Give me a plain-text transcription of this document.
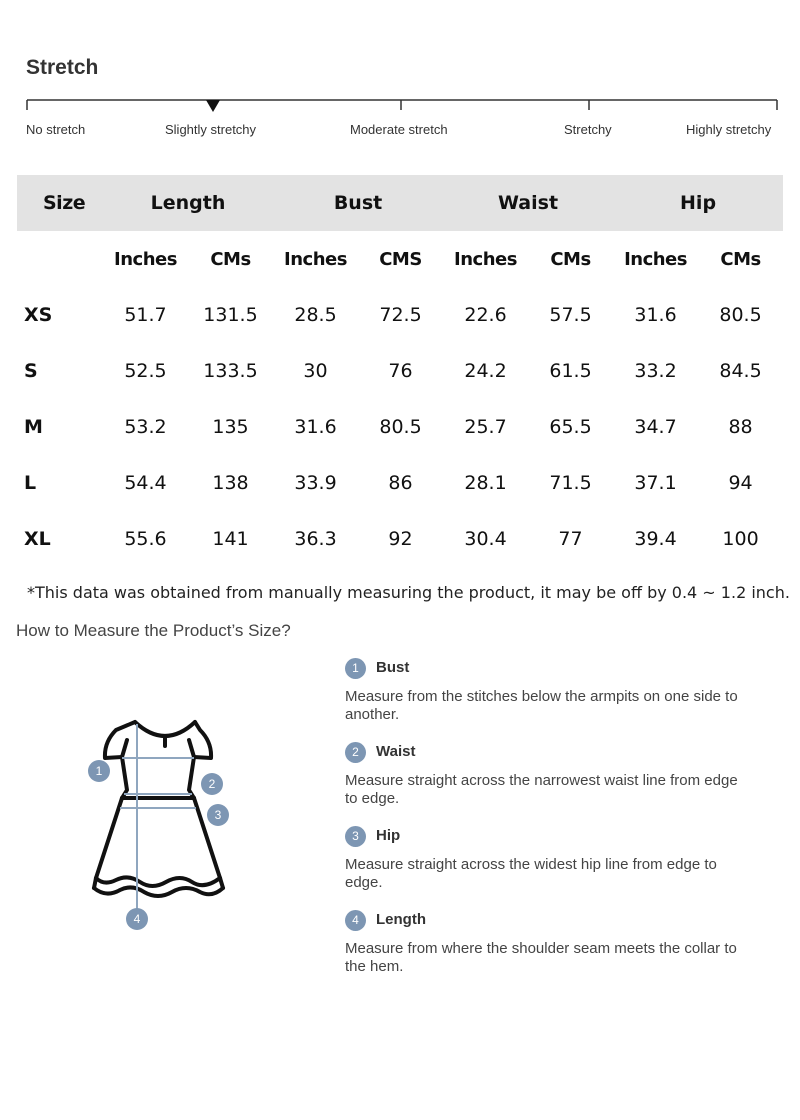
Stretch
No stretch	Slightly stretchy	Moderate stretch	Stretchy	Highly stretchy
Size	Length		Bust		Waist		Hip	
	Inches	CMs	Inches	CMS	Inches	CMs	Inches	CMs
XS	51.7	131.5	28.5	72.5	22.6	57.5	31.6	80.5
S	52.5	133.5	30	76	24.2	61.5	33.2	84.5
M	53.2	135	31.6	80.5	25.7	65.5	34.7	88
L	54.4	138	33.9	86	28.1	71.5	37.1	94
XL	55.6	141	36.3	92	30.4	77	39.4	100
*This data was obtained from manually measuring the product, it may be off by 0.4 ~ 1.2 inch.
How to Measure the Product’s Size?
1
2
3
4
1	Bust
Measure from the stitches below the armpits on one side to another.
2	Waist
Measure straight across the narrowest waist line from edge to edge.
3	Hip
Measure straight across the widest hip line from edge to edge.
4	Length
Measure from where the shoulder seam meets the collar to the hem.
